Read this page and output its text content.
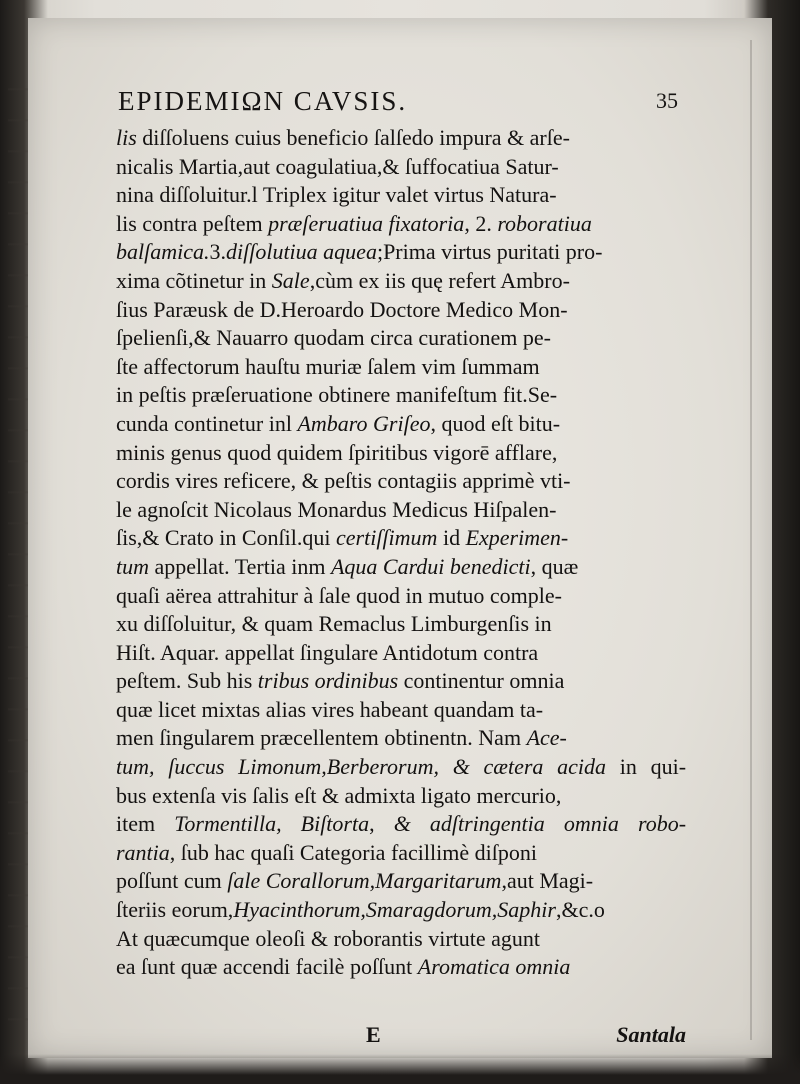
EPIDEMIΩN CAVSIS.	35
lis diſſoluens cuius beneficio ſalſedo impura & arſe-
nicalis Martia,aut coagulatiua,& ſuffocatiua Satur-
nina diſſoluitur.l Triplex igitur valet virtus Natura-
lis contra peſtem præſeruatiua fixatoria, 2. roboratiua
balſamica.3.diſſolutiua aquea;Prima virtus puritati pro-
xima cõtinetur in Sale,cùm ex iis quę refert Ambro-
ſius Paræusk de D.Heroardo Doctore Medico Mon-
ſpelienſi,& Nauarro quodam circa curationem pe-
ſte affectorum hauſtu muriæ ſalem vim ſummam
in peſtis præſeruatione obtinere manifeſtum fit.Se-
cunda continetur inl Ambaro Griſeo, quod eſt bitu-
minis genus quod quidem ſpiritibus vigorē afflare,
cordis vires reficere, & peſtis contagiis apprimè vti-
le agnoſcit Nicolaus Monardus Medicus Hiſpalen-
ſis,& Crato in Conſil.qui certiſſimum id Experimen-
tum appellat. Tertia inm Aqua Cardui benedicti, quæ
quaſi aërea attrahitur à ſale quod in mutuo comple-
xu diſſoluitur, & quam Remaclus Limburgenſis in
Hiſt. Aquar. appellat ſingulare Antidotum contra
peſtem. Sub his tribus ordinibus continentur omnia
quæ licet mixtas alias vires habeant quandam ta-
men ſingularem præcellentem obtinentn. Nam Ace-
tum, ſuccus Limonum,Berberorum, & cætera acida in qui-
bus extenſa vis ſalis eſt & admixta ligato mercurio,
item Tormentilla, Biſtorta, & adſtringentia omnia robo-
rantia, ſub hac quaſi Categoria facillimè diſponi
poſſunt cum ſale Corallorum,Margaritarum,aut Magi-
ſteriis eorum,Hyacinthorum,Smaragdorum,Saphir,&c.o
At quæcumque oleoſi & roborantis virtute agunt
ea ſunt quæ accendi facilè poſſunt Aromatica omnia
E	Santala
